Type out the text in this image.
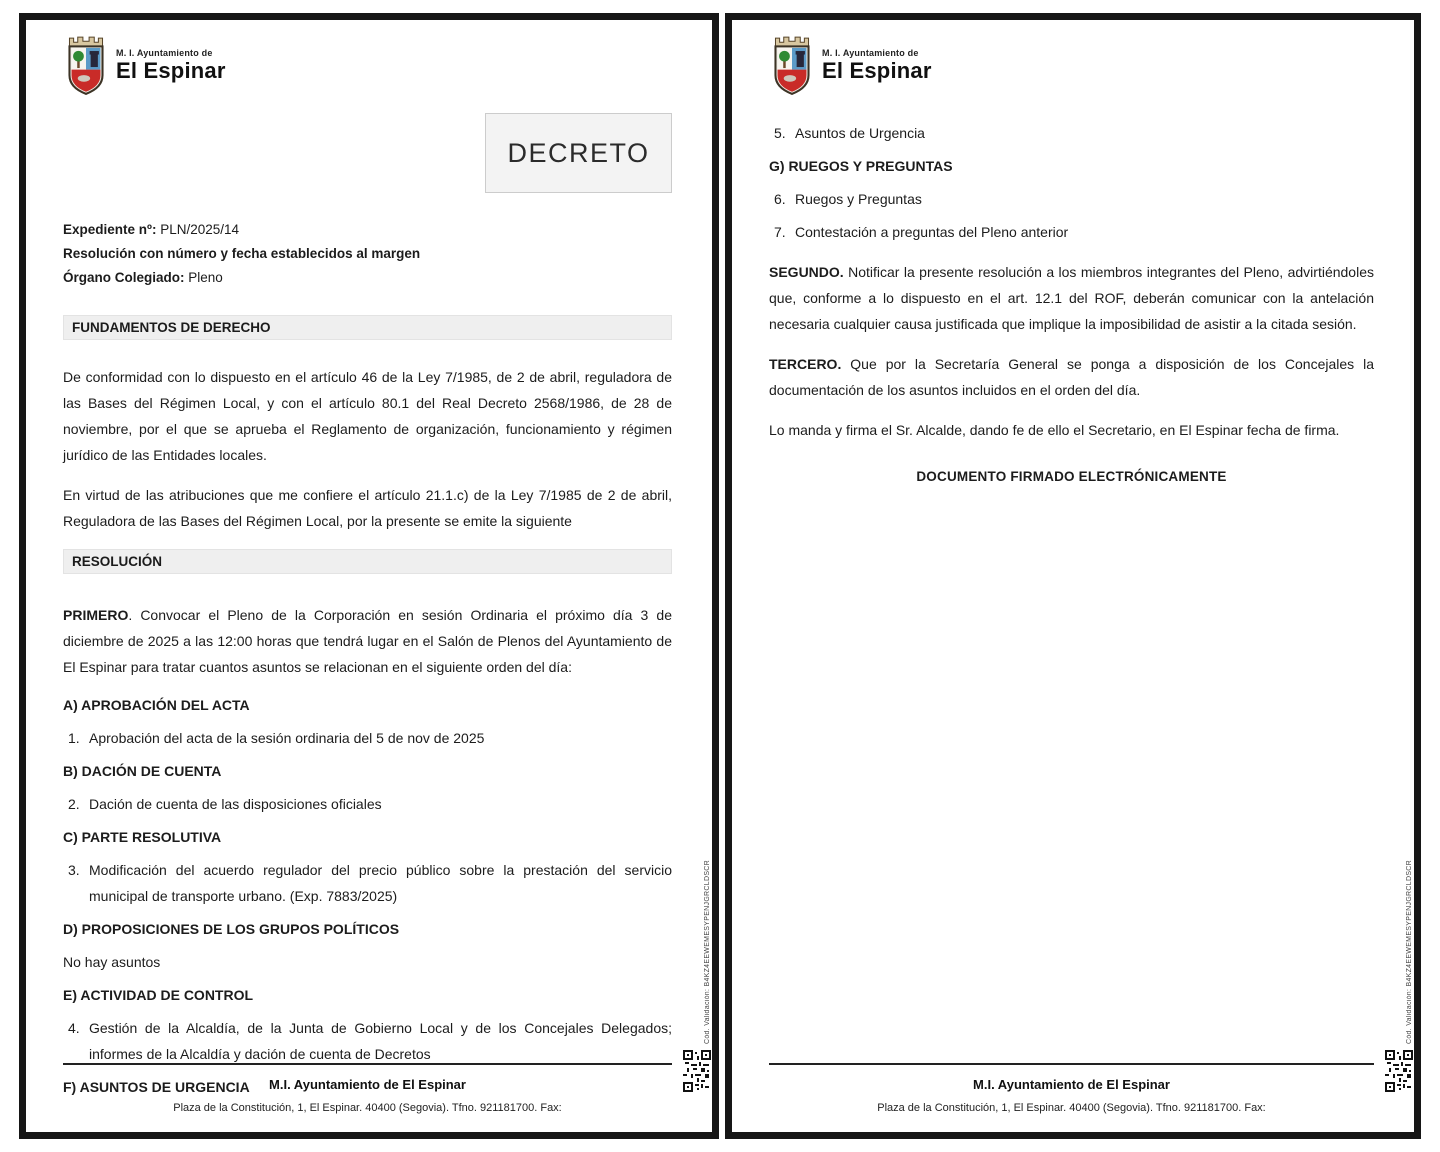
M. I. Ayuntamiento de
El Espinar
DECRETO
Expediente nº: PLN/2025/14
Resolución con número y fecha establecidos al margen
Órgano Colegiado: Pleno
FUNDAMENTOS DE DERECHO

De conformidad con lo dispuesto en el artículo 46 de la Ley 7/1985, de 2 de abril, reguladora de las Bases del Régimen Local, y con el artículo 80.1 del Real Decreto 2568/1986, de 28 de noviembre, por el que se aprueba el Reglamento de organización, funcionamiento y régimen jurídico de las Entidades locales.

En virtud de las atribuciones que me confiere el artículo 21.1.c) de la Ley 7/1985 de 2 de abril, Reguladora de las Bases del Régimen Local, por la presente se emite la siguiente

RESOLUCIÓN

PRIMERO. Convocar el Pleno de la Corporación en sesión Ordinaria el próximo día 3 de diciembre de 2025 a las 12:00 horas que tendrá lugar en el Salón de Plenos del Ayuntamiento de El Espinar para tratar cuantos asuntos se relacionan en el siguiente orden del día:

A) APROBACIÓN DEL ACTA
1. Aprobación del acta de la sesión ordinaria del 5 de nov de 2025
B) DACIÓN DE CUENTA
2. Dación de cuenta de las disposiciones oficiales
C) PARTE RESOLUTIVA
3. Modificación del acuerdo regulador del precio público sobre la prestación del servicio municipal de transporte urbano. (Exp. 7883/2025)
D) PROPOSICIONES DE LOS GRUPOS POLÍTICOS
No hay asuntos
E) ACTIVIDAD DE CONTROL
4. Gestión de la Alcaldía, de la Junta de Gobierno Local y de los Concejales Delegados; informes de la Alcaldía y dación de cuenta de Decretos
F) ASUNTOS DE URGENCIA	M.I. Ayuntamiento de El Espinar
Plaza de la Constitución, 1, El Espinar. 40400 (Segovia). Tfno. 921181700. Fax:
Cód. Validación: B4KZ4EEWEMESYPENJGRCLDSCR
M. I. Ayuntamiento de
El Espinar
5. Asuntos de Urgencia
G) RUEGOS Y PREGUNTAS
6. Ruegos y Preguntas
7. Contestación a preguntas del Pleno anterior

SEGUNDO. Notificar la presente resolución a los miembros integrantes del Pleno, advirtiéndoles que, conforme a lo dispuesto en el art. 12.1 del ROF, deberán comunicar con la antelación necesaria cualquier causa justificada que implique la imposibilidad de asistir a la citada sesión.

TERCERO. Que por la Secretaría General se ponga a disposición de los Concejales la documentación de los asuntos incluidos en el orden del día.

Lo manda y firma el Sr. Alcalde, dando fe de ello el Secretario, en El Espinar fecha de firma.

DOCUMENTO FIRMADO ELECTRÓNICAMENTE
M.I. Ayuntamiento de El Espinar
Plaza de la Constitución, 1, El Espinar. 40400 (Segovia). Tfno. 921181700. Fax:
Cód. Validación: B4KZ4EEWEMESYPENJGRCLDSCR
